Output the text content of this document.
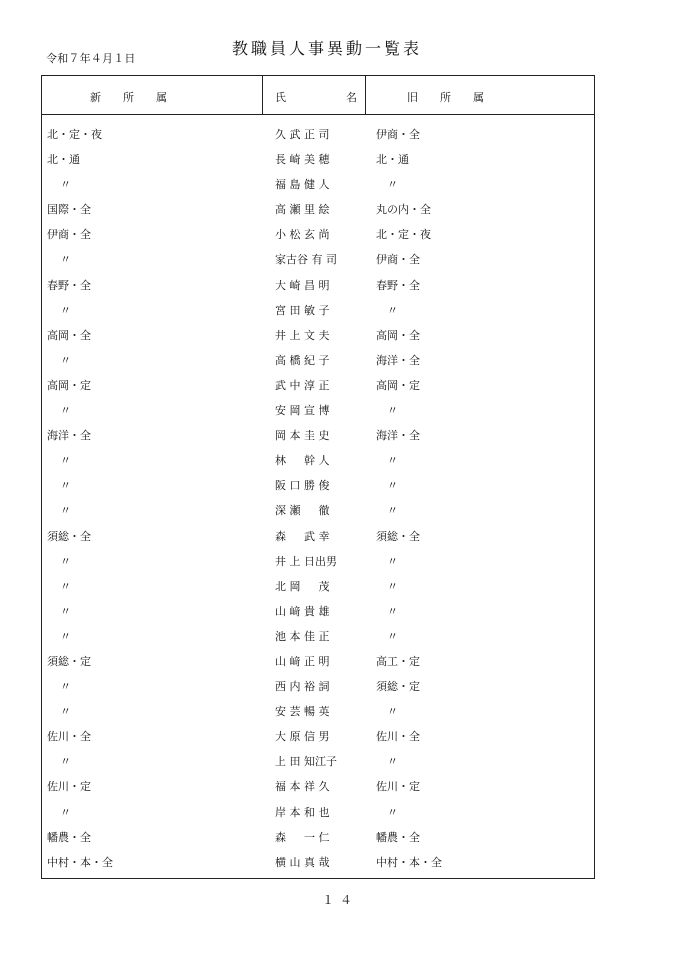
令和７年４月１日
教職員人事異動一覧表
新　　所　　属	氏	名	旧　　所　　属
北・定・夜	久 武 正 司	伊商・全
北・通	長 崎 美 穂	北・通
〃	福 島 健 人	〃
国際・全	高 瀬 里 絵	丸の内・全
伊商・全	小 松 玄 尚	北・定・夜
〃	家古谷 有 司	伊商・全
春野・全	大 崎 昌 明	春野・全
〃	宮 田 敏 子	〃
高岡・全	井 上 文 夫	高岡・全
〃	高 橋 紀 子	海洋・全
高岡・定	武 中 淳 正	高岡・定
〃	安 岡 宣 博	〃
海洋・全	岡 本 圭 史	海洋・全
〃	林 　 幹 人	〃
〃	阪 口 勝 俊	〃
〃	深 瀬 　 徹	〃
須総・全	森 　 武 幸	須総・全
〃	井 上 日出男	〃
〃	北 岡 　 茂	〃
〃	山 﨑 貴 雄	〃
〃	池 本 佳 正	〃
須総・定	山 﨑 正 明	高工・定
〃	西 内 裕 詞	須総・定
〃	安 芸 暢 英	〃
佐川・全	大 原 信 男	佐川・全
〃	上 田 知江子	〃
佐川・定	福 本 祥 久	佐川・定
〃	岸 本 和 也	〃
幡農・全	森 　 一 仁	幡農・全
中村・本・全	横 山 真 哉	中村・本・全
１４
